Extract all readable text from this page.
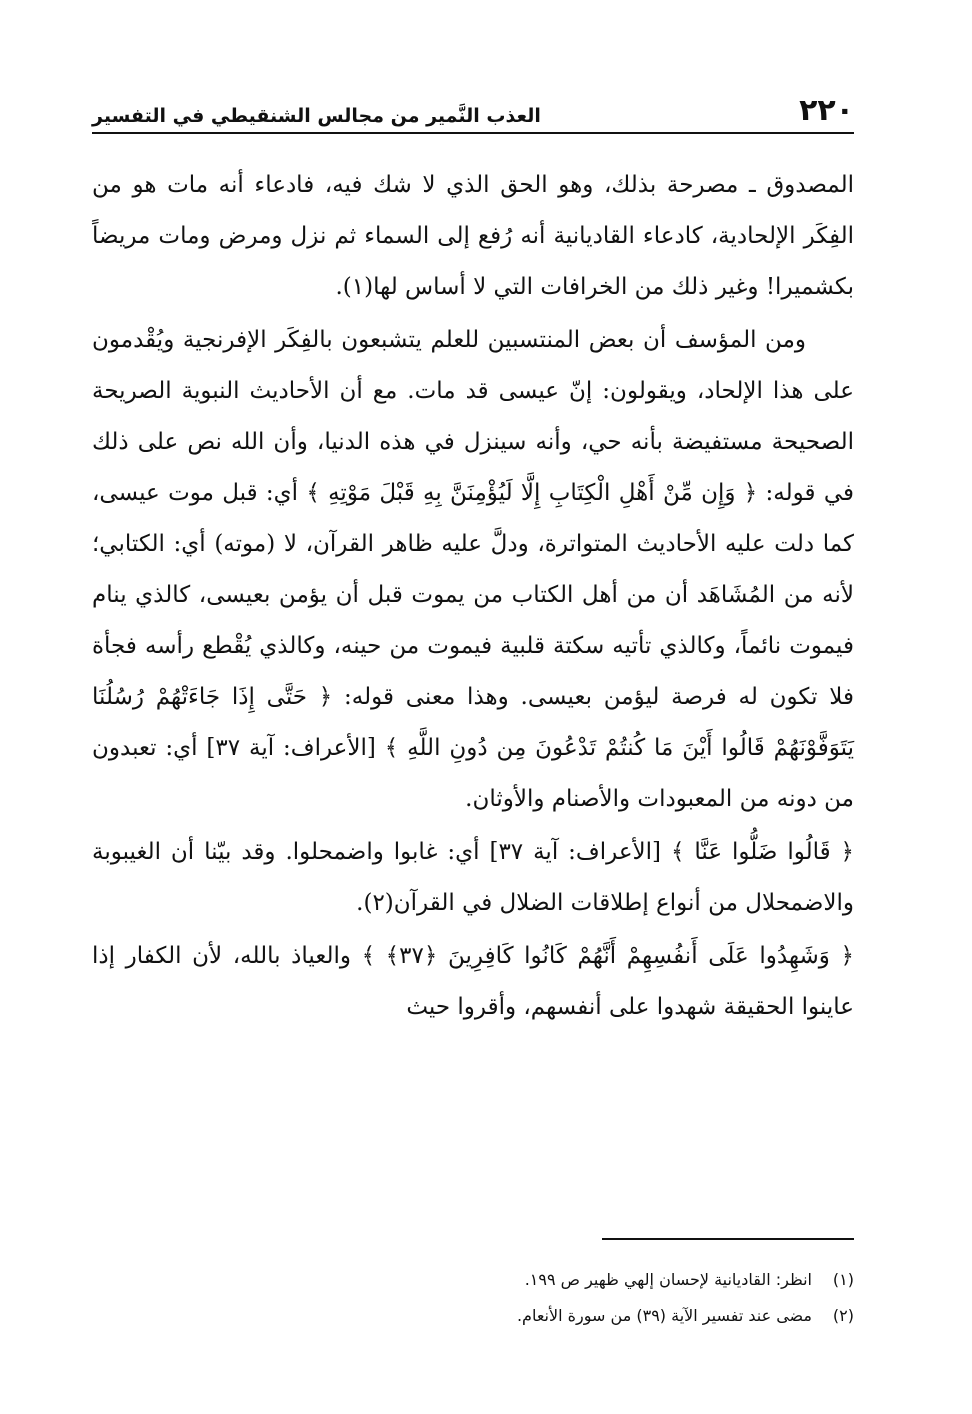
٢٢٠
العذب النَّمير من مجالس الشنقيطي في التفسير

المصدوق ـ مصرحة بذلك، وهو الحق الذي لا شك فيه، فادعاء أنه مات هو من الفِكَر الإلحادية، كادعاء القاديانية أنه رُفع إلى السماء ثم نزل ومرض ومات مريضاً بكشميرا! وغير ذلك من الخرافات التي لا أساس لها(١).

ومن المؤسف أن بعض المنتسبين للعلم يتشبعون بالفِكَر الإفرنجية ويُقْدمون على هذا الإلحاد، ويقولون: إنّ عيسى قد مات. مع أن الأحاديث النبوية الصريحة الصحيحة مستفيضة بأنه حي، وأنه سينزل في هذه الدنيا، وأن الله نص على ذلك في قوله: ﴿ وَإِن مِّنْ أَهْلِ الْكِتَابِ إِلَّا لَيُؤْمِنَنَّ بِهِ قَبْلَ مَوْتِهِ ﴾ أي: قبل موت عيسى، كما دلت عليه الأحاديث المتواترة، ودلَّ عليه ظاهر القرآن، لا (موته) أي: الكتابي؛ لأنه من المُشَاهَد أن من أهل الكتاب من يموت قبل أن يؤمن بعيسى، كالذي ينام فيموت نائماً، وكالذي تأتيه سكتة قلبية فيموت من حينه، وكالذي يُقْطع رأسه فجأة فلا تكون له فرصة ليؤمن بعيسى. وهذا معنى قوله: ﴿ حَتَّى إِذَا جَاءَتْهُمْ رُسُلُنَا يَتَوَفَّوْنَهُمْ قَالُوا أَيْنَ مَا كُنتُمْ تَدْعُونَ مِن دُونِ اللَّهِ ﴾ [الأعراف: آية ٣٧] أي: تعبدون من دونه من المعبودات والأصنام والأوثان.

﴿ قَالُوا ضَلُّوا عَنَّا ﴾ [الأعراف: آية ٣٧] أي: غابوا واضمحلوا. وقد بيّنا أن الغيبوبة والاضمحلال من أنواع إطلاقات الضلال في القرآن(٢).

﴿ وَشَهِدُوا عَلَى أَنفُسِهِمْ أَنَّهُمْ كَانُوا كَافِرِينَ ﴿٣٧﴾ ﴾ والعياذ بالله، لأن الكفار إذا عاينوا الحقيقة شهدوا على أنفسهم، وأقروا حيث

(١)
انظر: القاديانية لإحسان إلهي ظهير ص ١٩٩.
(٢)
مضى عند تفسير الآية (٣٩) من سورة الأنعام.
